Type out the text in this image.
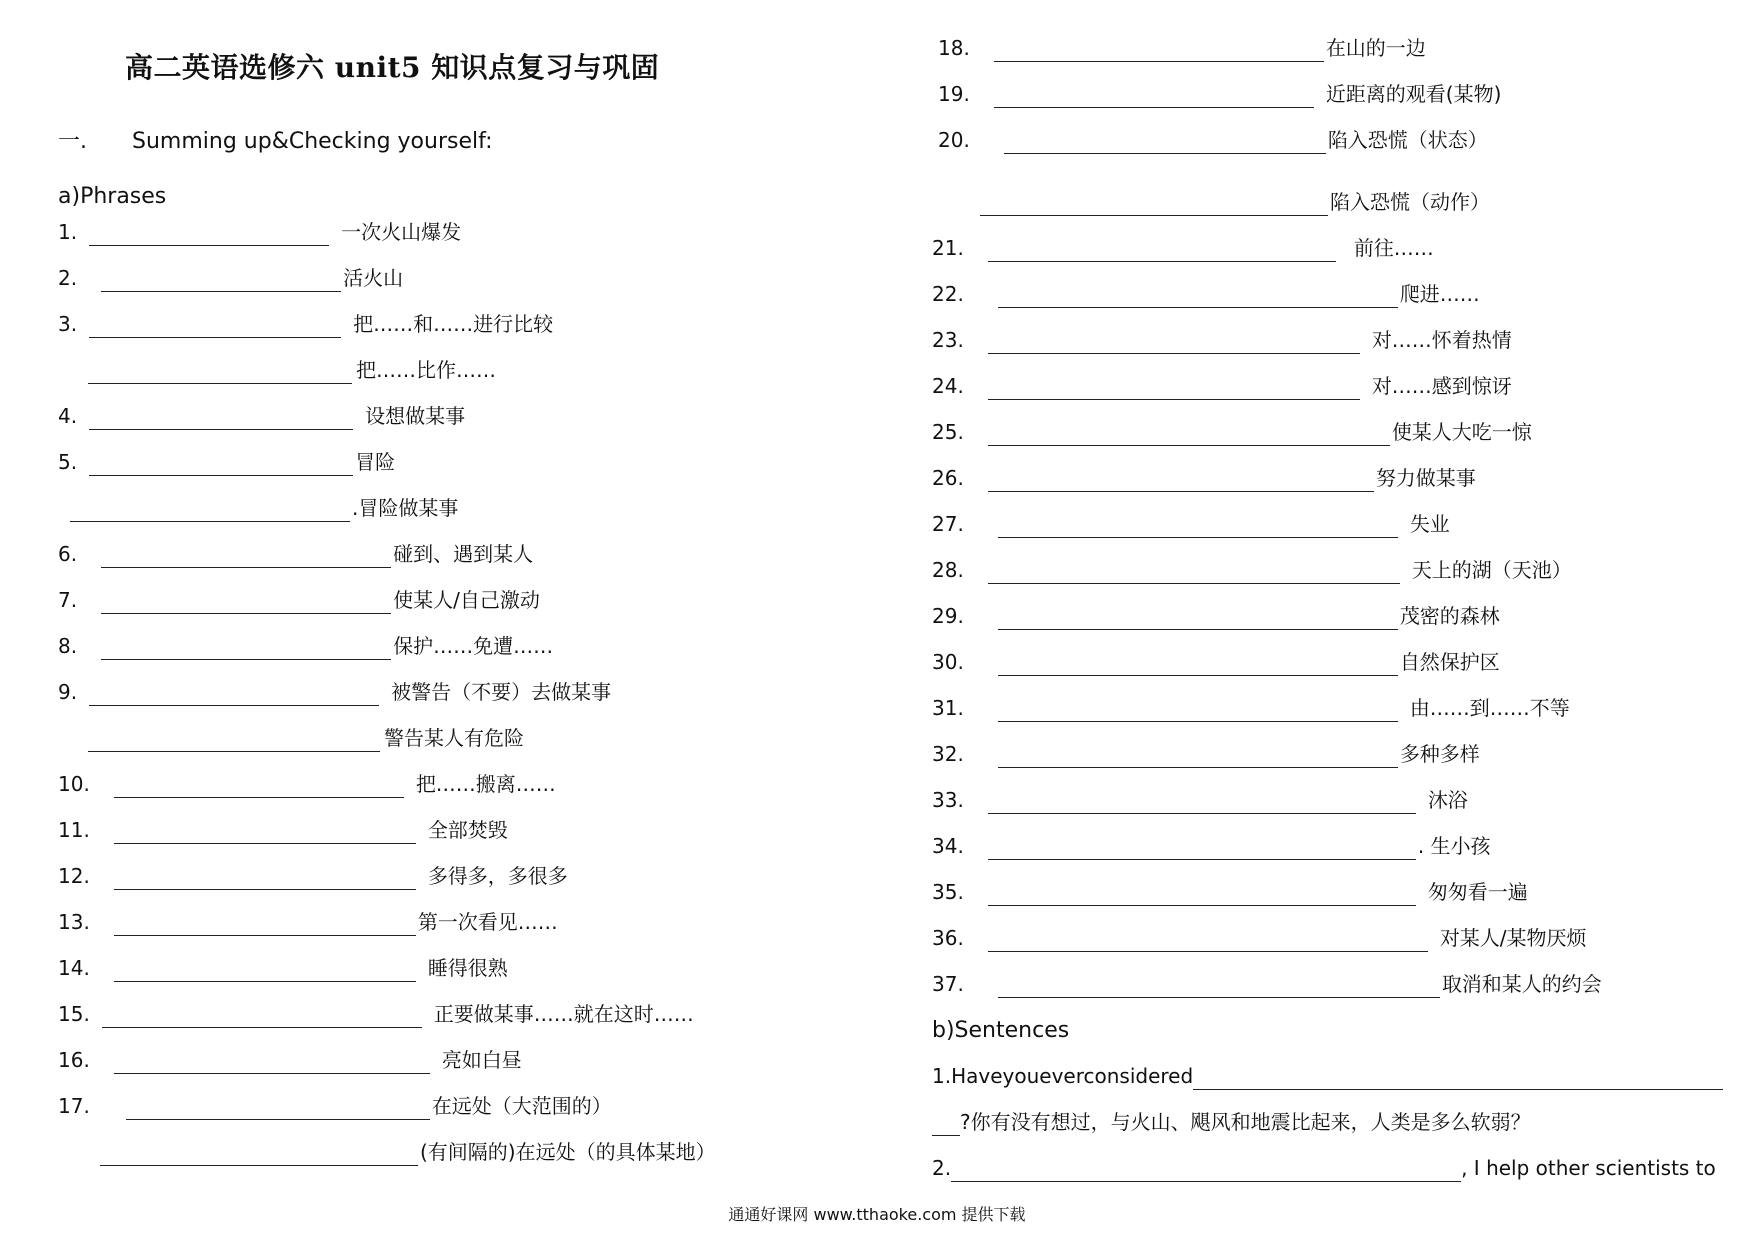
高二英语选修六 unit5 知识点复习与巩固
一. Summing up&Checking yourself:
a)Phrases
1.	一次火山爆发
2.	活火山
3.	把……和……进行比较
把……比作……
4.	设想做某事
5.	冒险
.冒险做某事
6.	碰到、遇到某人
7.	使某人/自己激动
8.	保护……免遭……
9.	被警告（不要）去做某事
警告某人有危险
10.	把……搬离……
11.	全部焚毁
12.	多得多，多很多
13.	第一次看见……
14.	睡得很熟
15.	正要做某事……就在这时……
16.	亮如白昼
17.	在远处（大范围的）
(有间隔的)在远处（的具体某地）
18.	在山的一边
19.	近距离的观看(某物)
20.	陷入恐慌（状态）
陷入恐慌（动作）
21.	前往……
22.	爬进……
23.	对……怀着热情
24.	对……感到惊讶
25.	使某人大吃一惊
26.	努力做某事
27.	失业
28.	天上的湖（天池）
29.	茂密的森林
30.	自然保护区
31.	由……到……不等
32.	多种多样
33.	沐浴
34.	. 生小孩
35.	匆匆看一遍
36.	对某人/某物厌烦
37.	取消和某人的约会
b)Sentences
1.Haveyoueverconsidered
?你有没有想过，与火山、飓风和地震比起来，人类是多么软弱？
2.	, I help other scientists to
通通好课网 www.tthaoke.com 提供下载
